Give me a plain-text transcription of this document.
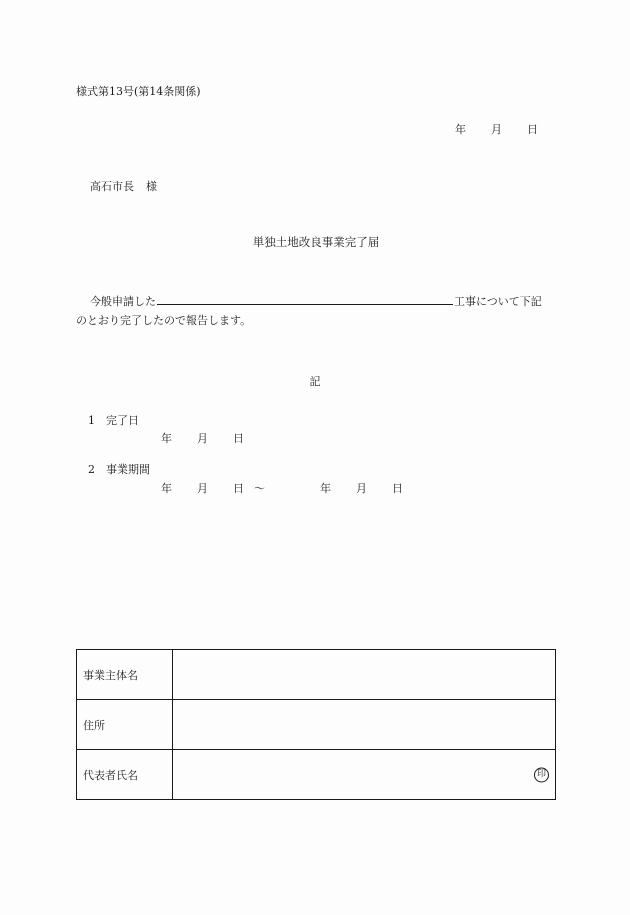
様式第13号(第14条関係)
年 月 日
高石市長 様
単独土地改良事業完了届
今般申請した	工事について下記
のとおり完了したので報告します。
記
1 完了日
年 月 日
2 事業期間
年 月 日 〜	年 月 日
事業主体名	
住所	
代表者氏名	印
